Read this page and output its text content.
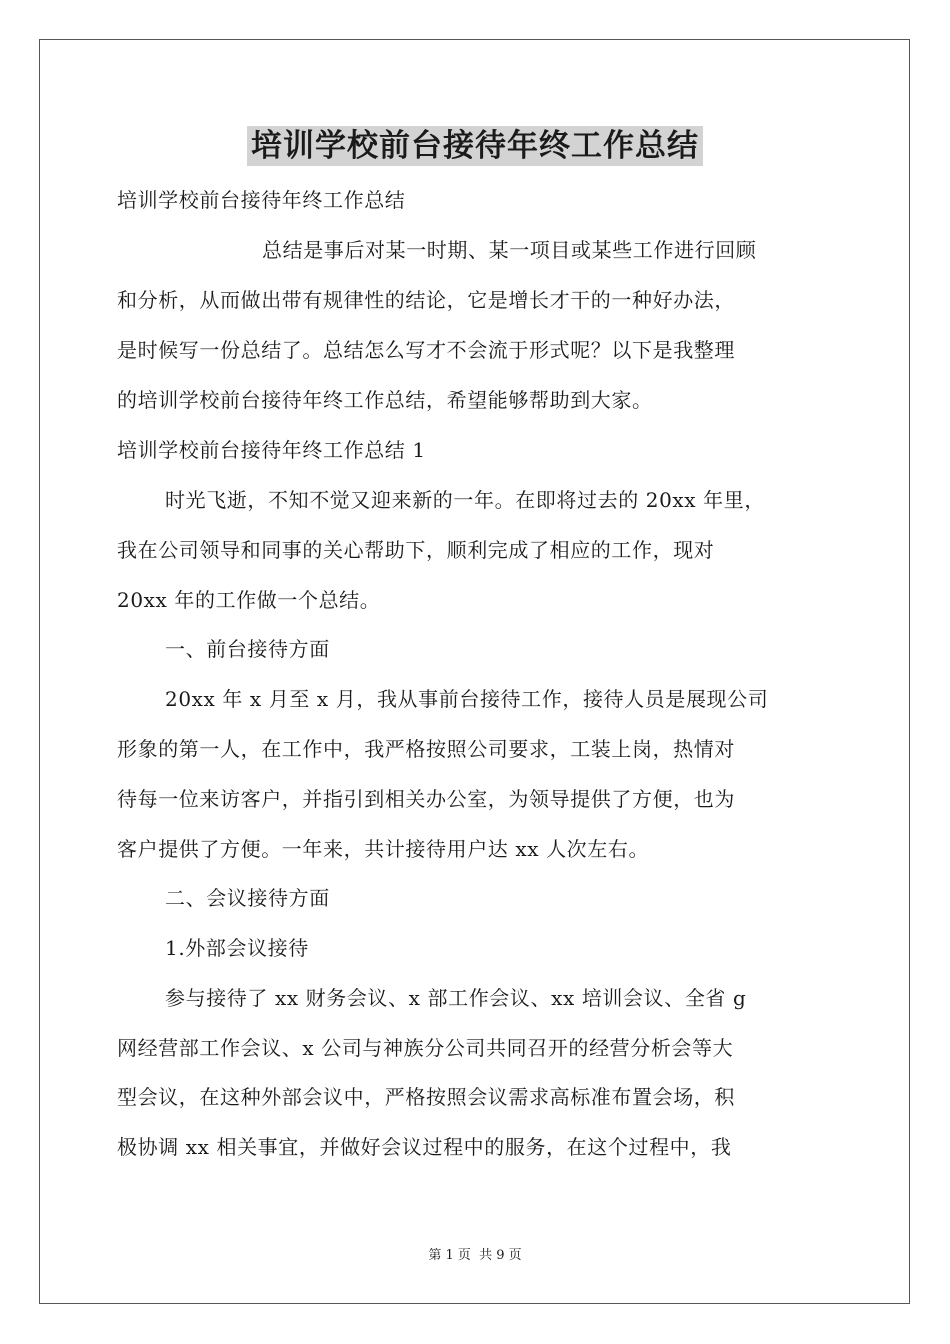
培训学校前台接待年终工作总结
培训学校前台接待年终工作总结
总结是事后对某一时期、某一项目或某些工作进行回顾
和分析，从而做出带有规律性的结论，它是增长才干的一种好办法，
是时候写一份总结了。总结怎么写才不会流于形式呢？以下是我整理
的培训学校前台接待年终工作总结，希望能够帮助到大家。
培训学校前台接待年终工作总结 1
时光飞逝，不知不觉又迎来新的一年。在即将过去的 20xx 年里，
我在公司领导和同事的关心帮助下，顺利完成了相应的工作，现对
20xx 年的工作做一个总结。
一、前台接待方面
20xx 年 x 月至 x 月，我从事前台接待工作，接待人员是展现公司
形象的第一人，在工作中，我严格按照公司要求，工装上岗，热情对
待每一位来访客户，并指引到相关办公室，为领导提供了方便，也为
客户提供了方便。一年来，共计接待用户达 xx 人次左右。
二、会议接待方面
1.外部会议接待
参与接待了 xx 财务会议、x 部工作会议、xx 培训会议、全省 g
网经营部工作会议、x 公司与神族分公司共同召开的经营分析会等大
型会议，在这种外部会议中，严格按照会议需求高标准布置会场，积
极协调 xx 相关事宜，并做好会议过程中的服务，在这个过程中，我
第 1 页 共 9 页
